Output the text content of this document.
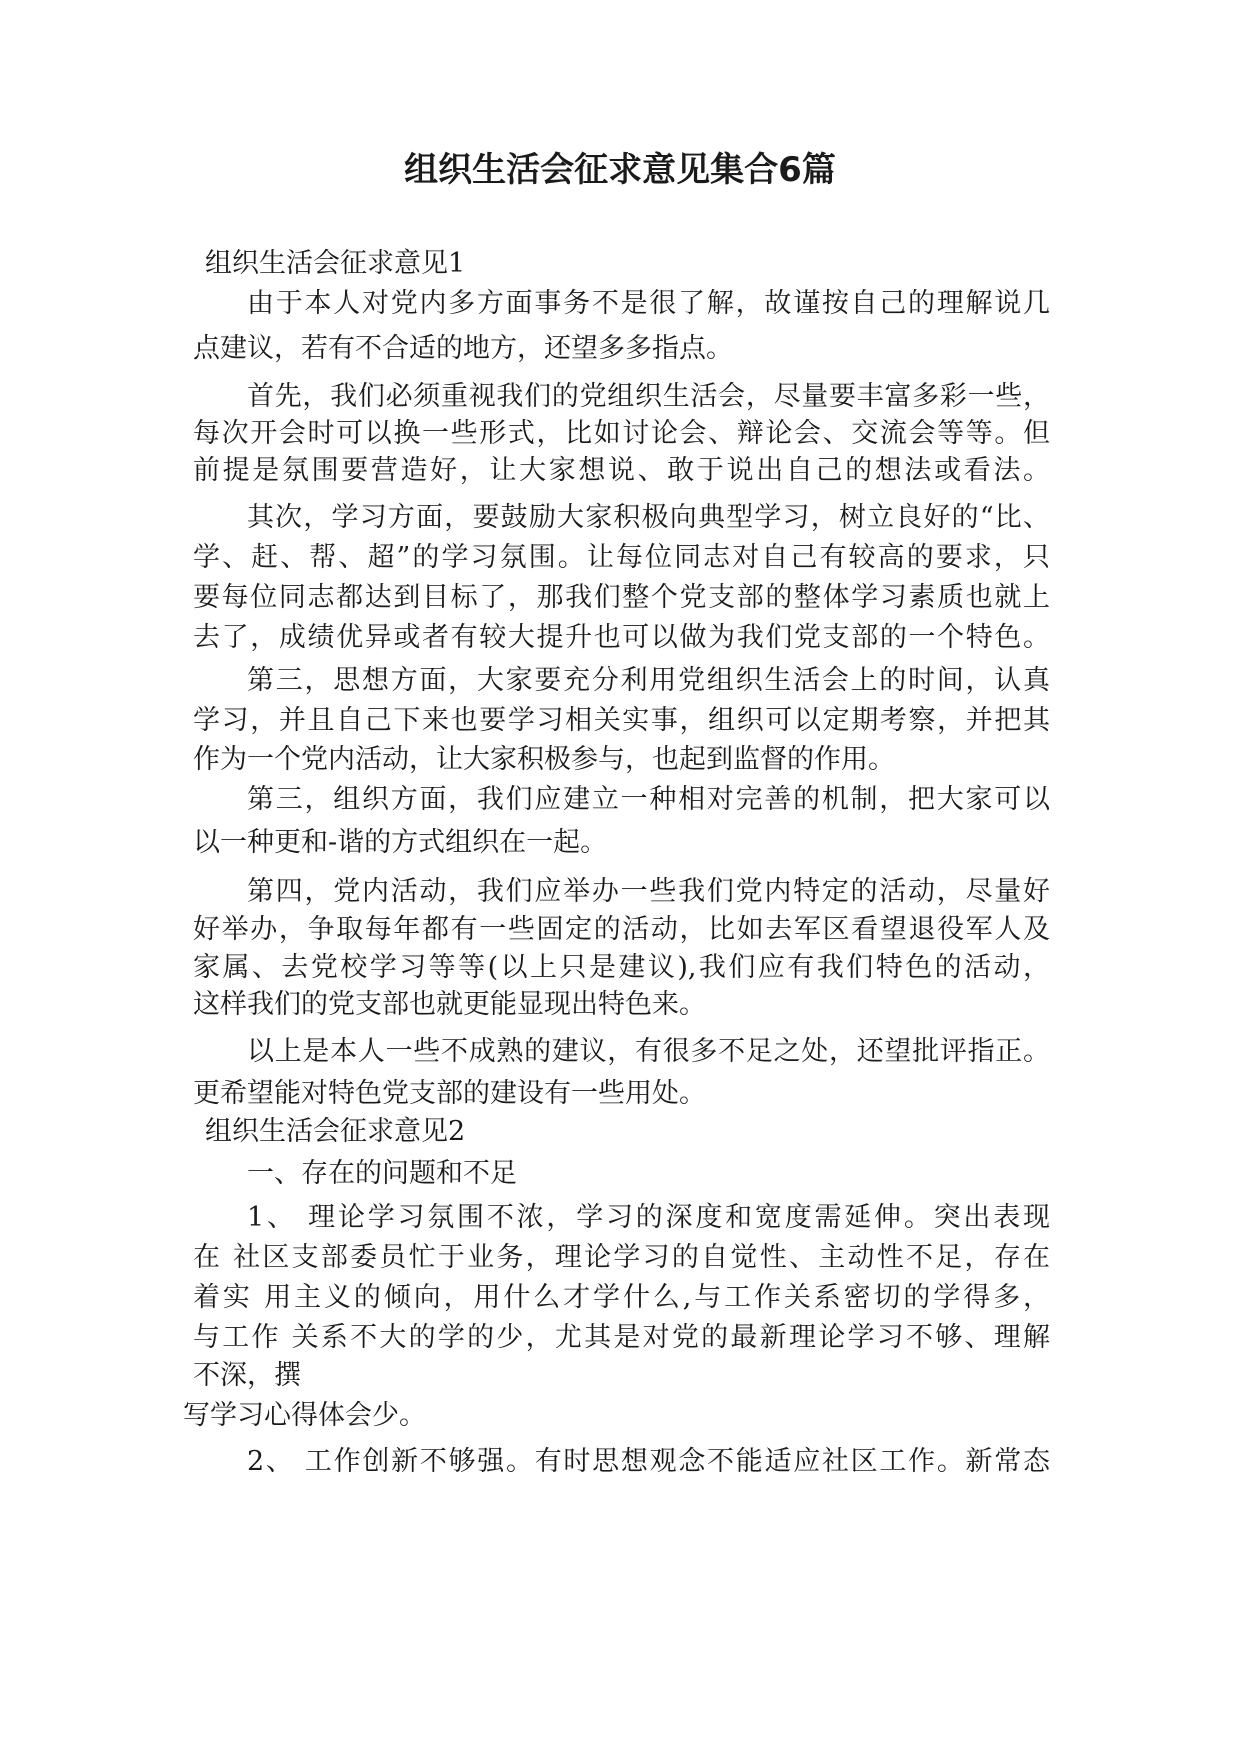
组织生活会征求意见集合6篇

组织生活会征求意见1

由于本人对党内多方面事务不是很了解，故谨按自己的理解说几

点建议，若有不合适的地方，还望多多指点。

首先，我们必须重视我们的党组织生活会，尽量要丰富多彩一些，

每次开会时可以换一些形式，比如讨论会、辩论会、交流会等等。但

前提是氛围要营造好，让大家想说、敢于说出自己的想法或看法。

其次，学习方面，要鼓励大家积极向典型学习，树立良好的“比、

学、赶、帮、超”的学习氛围。让每位同志对自己有较高的要求，只

要每位同志都达到目标了，那我们整个党支部的整体学习素质也就上

去了，成绩优异或者有较大提升也可以做为我们党支部的一个特色。

第三，思想方面，大家要充分利用党组织生活会上的时间，认真

学习，并且自己下来也要学习相关实事，组织可以定期考察，并把其

作为一个党内活动，让大家积极参与，也起到监督的作用。

第三，组织方面，我们应建立一种相对完善的机制，把大家可以

以一种更和-谐的方式组织在一起。

第四，党内活动，我们应举办一些我们党内特定的活动，尽量好

好举办，争取每年都有一些固定的活动，比如去军区看望退役军人及

家属、去党校学习等等(以上只是建议),我们应有我们特色的活动，

这样我们的党支部也就更能显现出特色来。

以上是本人一些不成熟的建议，有很多不足之处，还望批评指正。

更希望能对特色党支部的建设有一些用处。

组织生活会征求意见2

一、存在的问题和不足

1、 理论学习氛围不浓，学习的深度和宽度需延伸。突出表现

在 社区支部委员忙于业务，理论学习的自觉性、主动性不足，存在

着实 用主义的倾向，用什么才学什么,与工作关系密切的学得多，

与工作 关系不大的学的少，尤其是对党的最新理论学习不够、理解

不深，撰

写学习心得体会少。

2、 工作创新不够强。有时思想观念不能适应社区工作。新常态
